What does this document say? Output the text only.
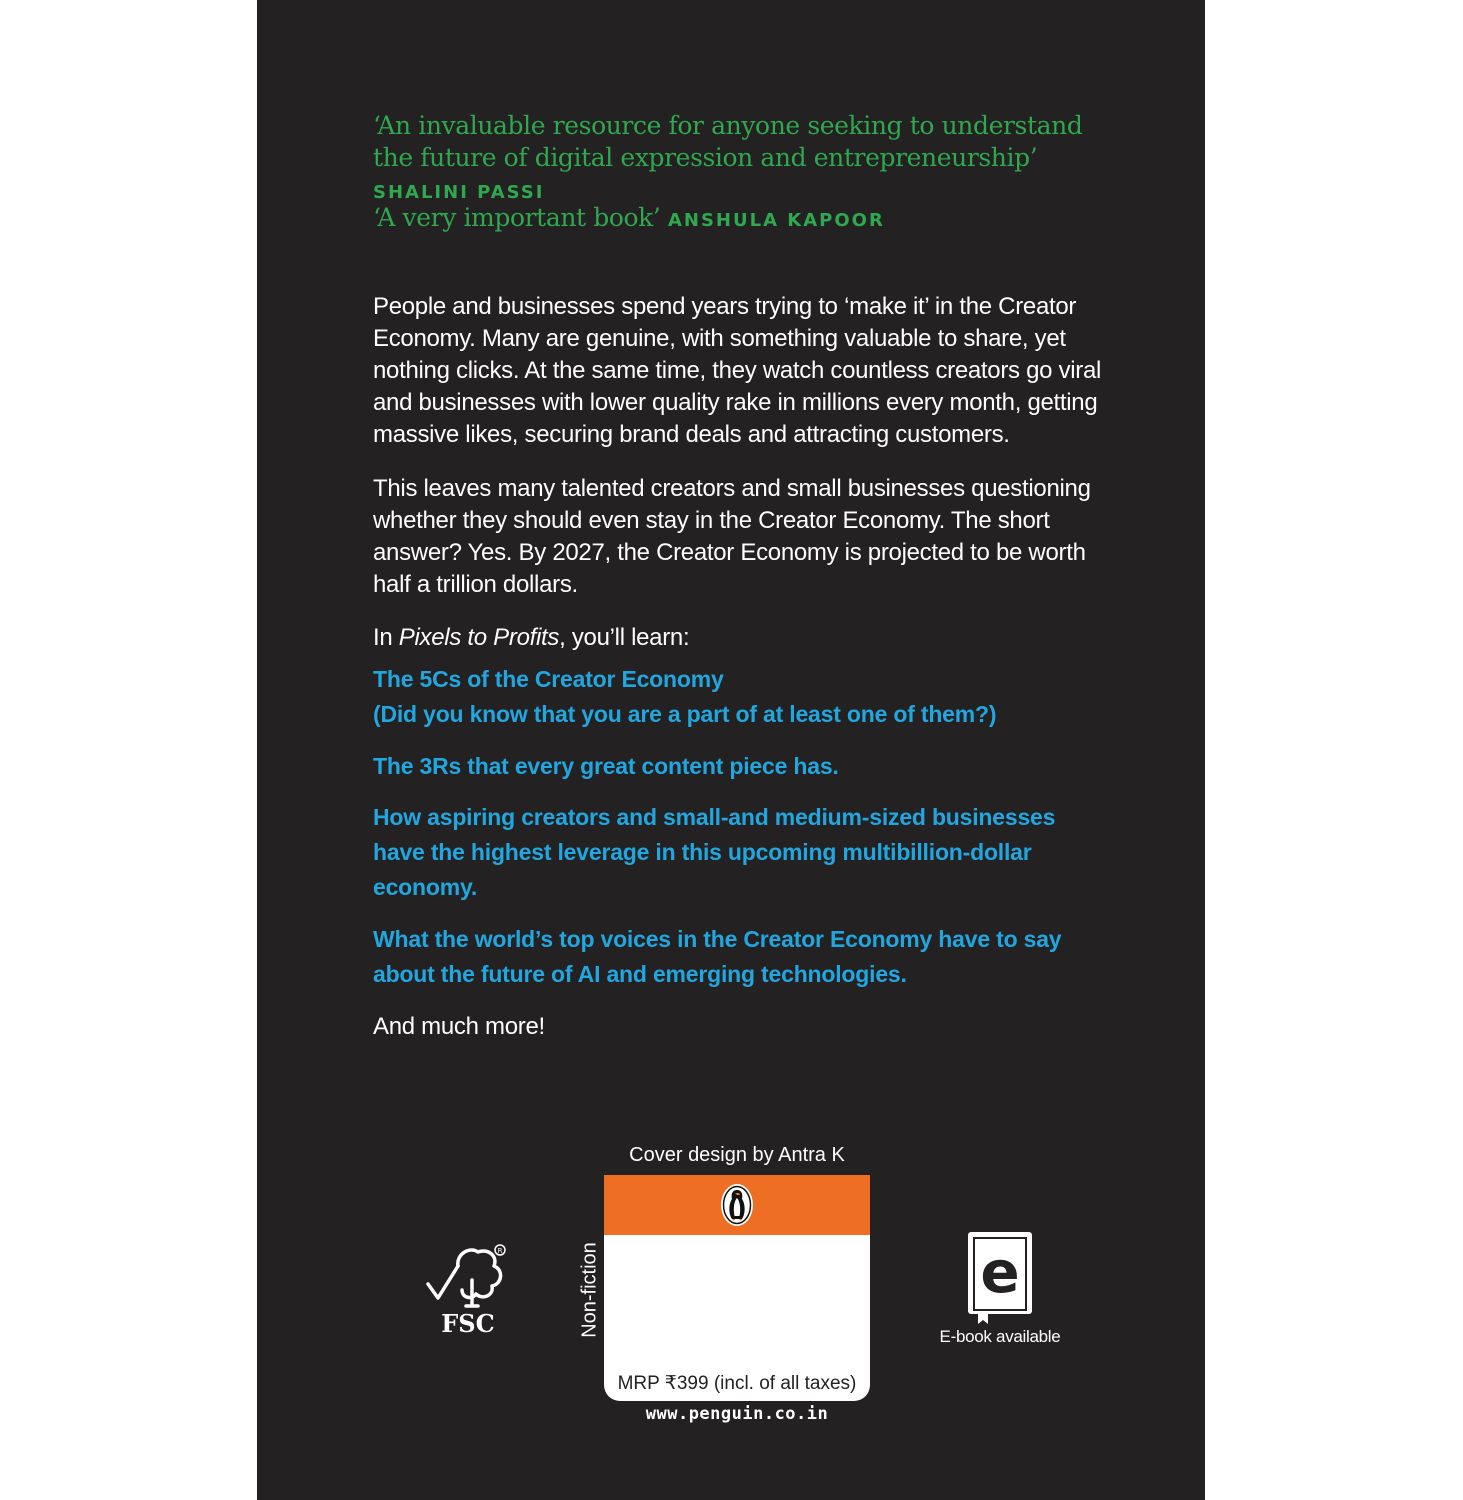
‘An invaluable resource for anyone seeking to understand the future of digital expression and entrepreneurship’ SHALINI PASSI
‘A very important book’ ANSHULA KAPOOR
People and businesses spend years trying to ‘make it’ in the Creator Economy. Many are genuine, with something valuable to share, yet nothing clicks. At the same time, they watch countless creators go viral and businesses with lower quality rake in millions every month, getting massive likes, securing brand deals and attracting customers.
This leaves many talented creators and small businesses questioning whether they should even stay in the Creator Economy. The short answer? Yes. By 2027, the Creator Economy is projected to be worth half a trillion dollars.
In Pixels to Profits, you’ll learn:
The 5Cs of the Creator Economy
(Did you know that you are a part of at least one of them?)
The 3Rs that every great content piece has.
How aspiring creators and small-and medium-sized businesses have the highest leverage in this upcoming multibillion-dollar economy.
What the world’s top voices in the Creator Economy have to say about the future of AI and emerging technologies.
And much more!
R
FSC	Non-fiction
Cover design by Antra K
MRP ₹399 (incl. of all taxes)
www.penguin.co.in
e
E-book available
